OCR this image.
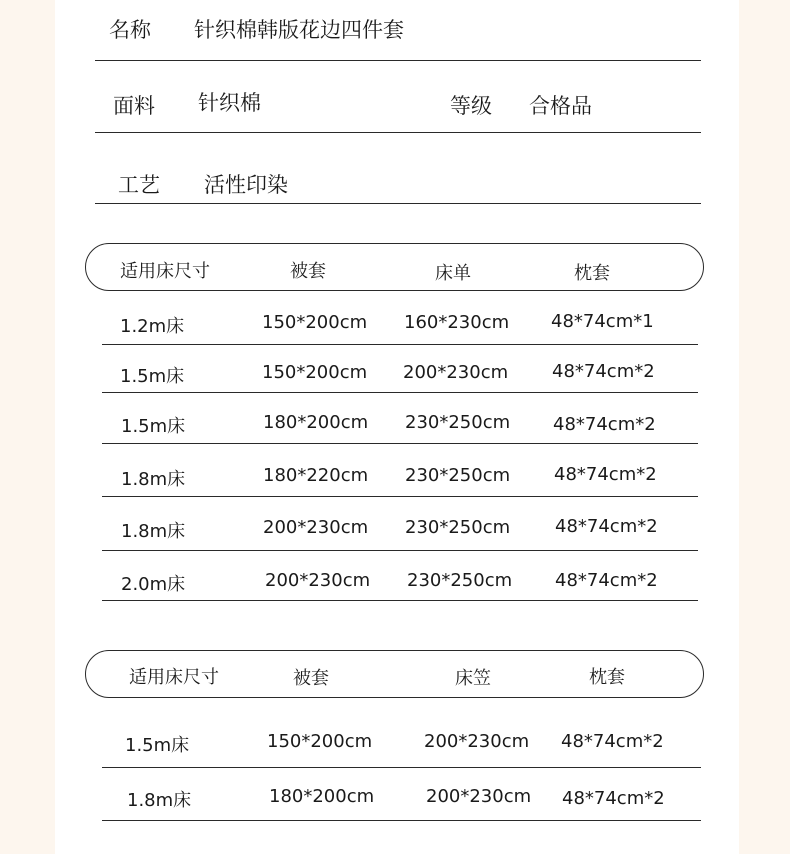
名称 针织棉韩版花边四件套
面料 针织棉	等级 合格品
工艺 活性印染
适用床尺寸	被套	床单	枕套
1.2m床	150*200cm 160*230cm 48*74cm*1
1.5m床	150*200cm 200*230cm 48*74cm*2
1.5m床	180*200cm 230*250cm 48*74cm*2
1.8m床	180*220cm 230*250cm 48*74cm*2
1.8m床	200*230cm 230*250cm 48*74cm*2
2.0m床	200*230cm 230*250cm 48*74cm*2
适用床尺寸	被套	床笠	枕套
1.5m床	150*200cm	200*230cm 48*74cm*2
1.8m床	180*200cm	200*230cm 48*74cm*2
